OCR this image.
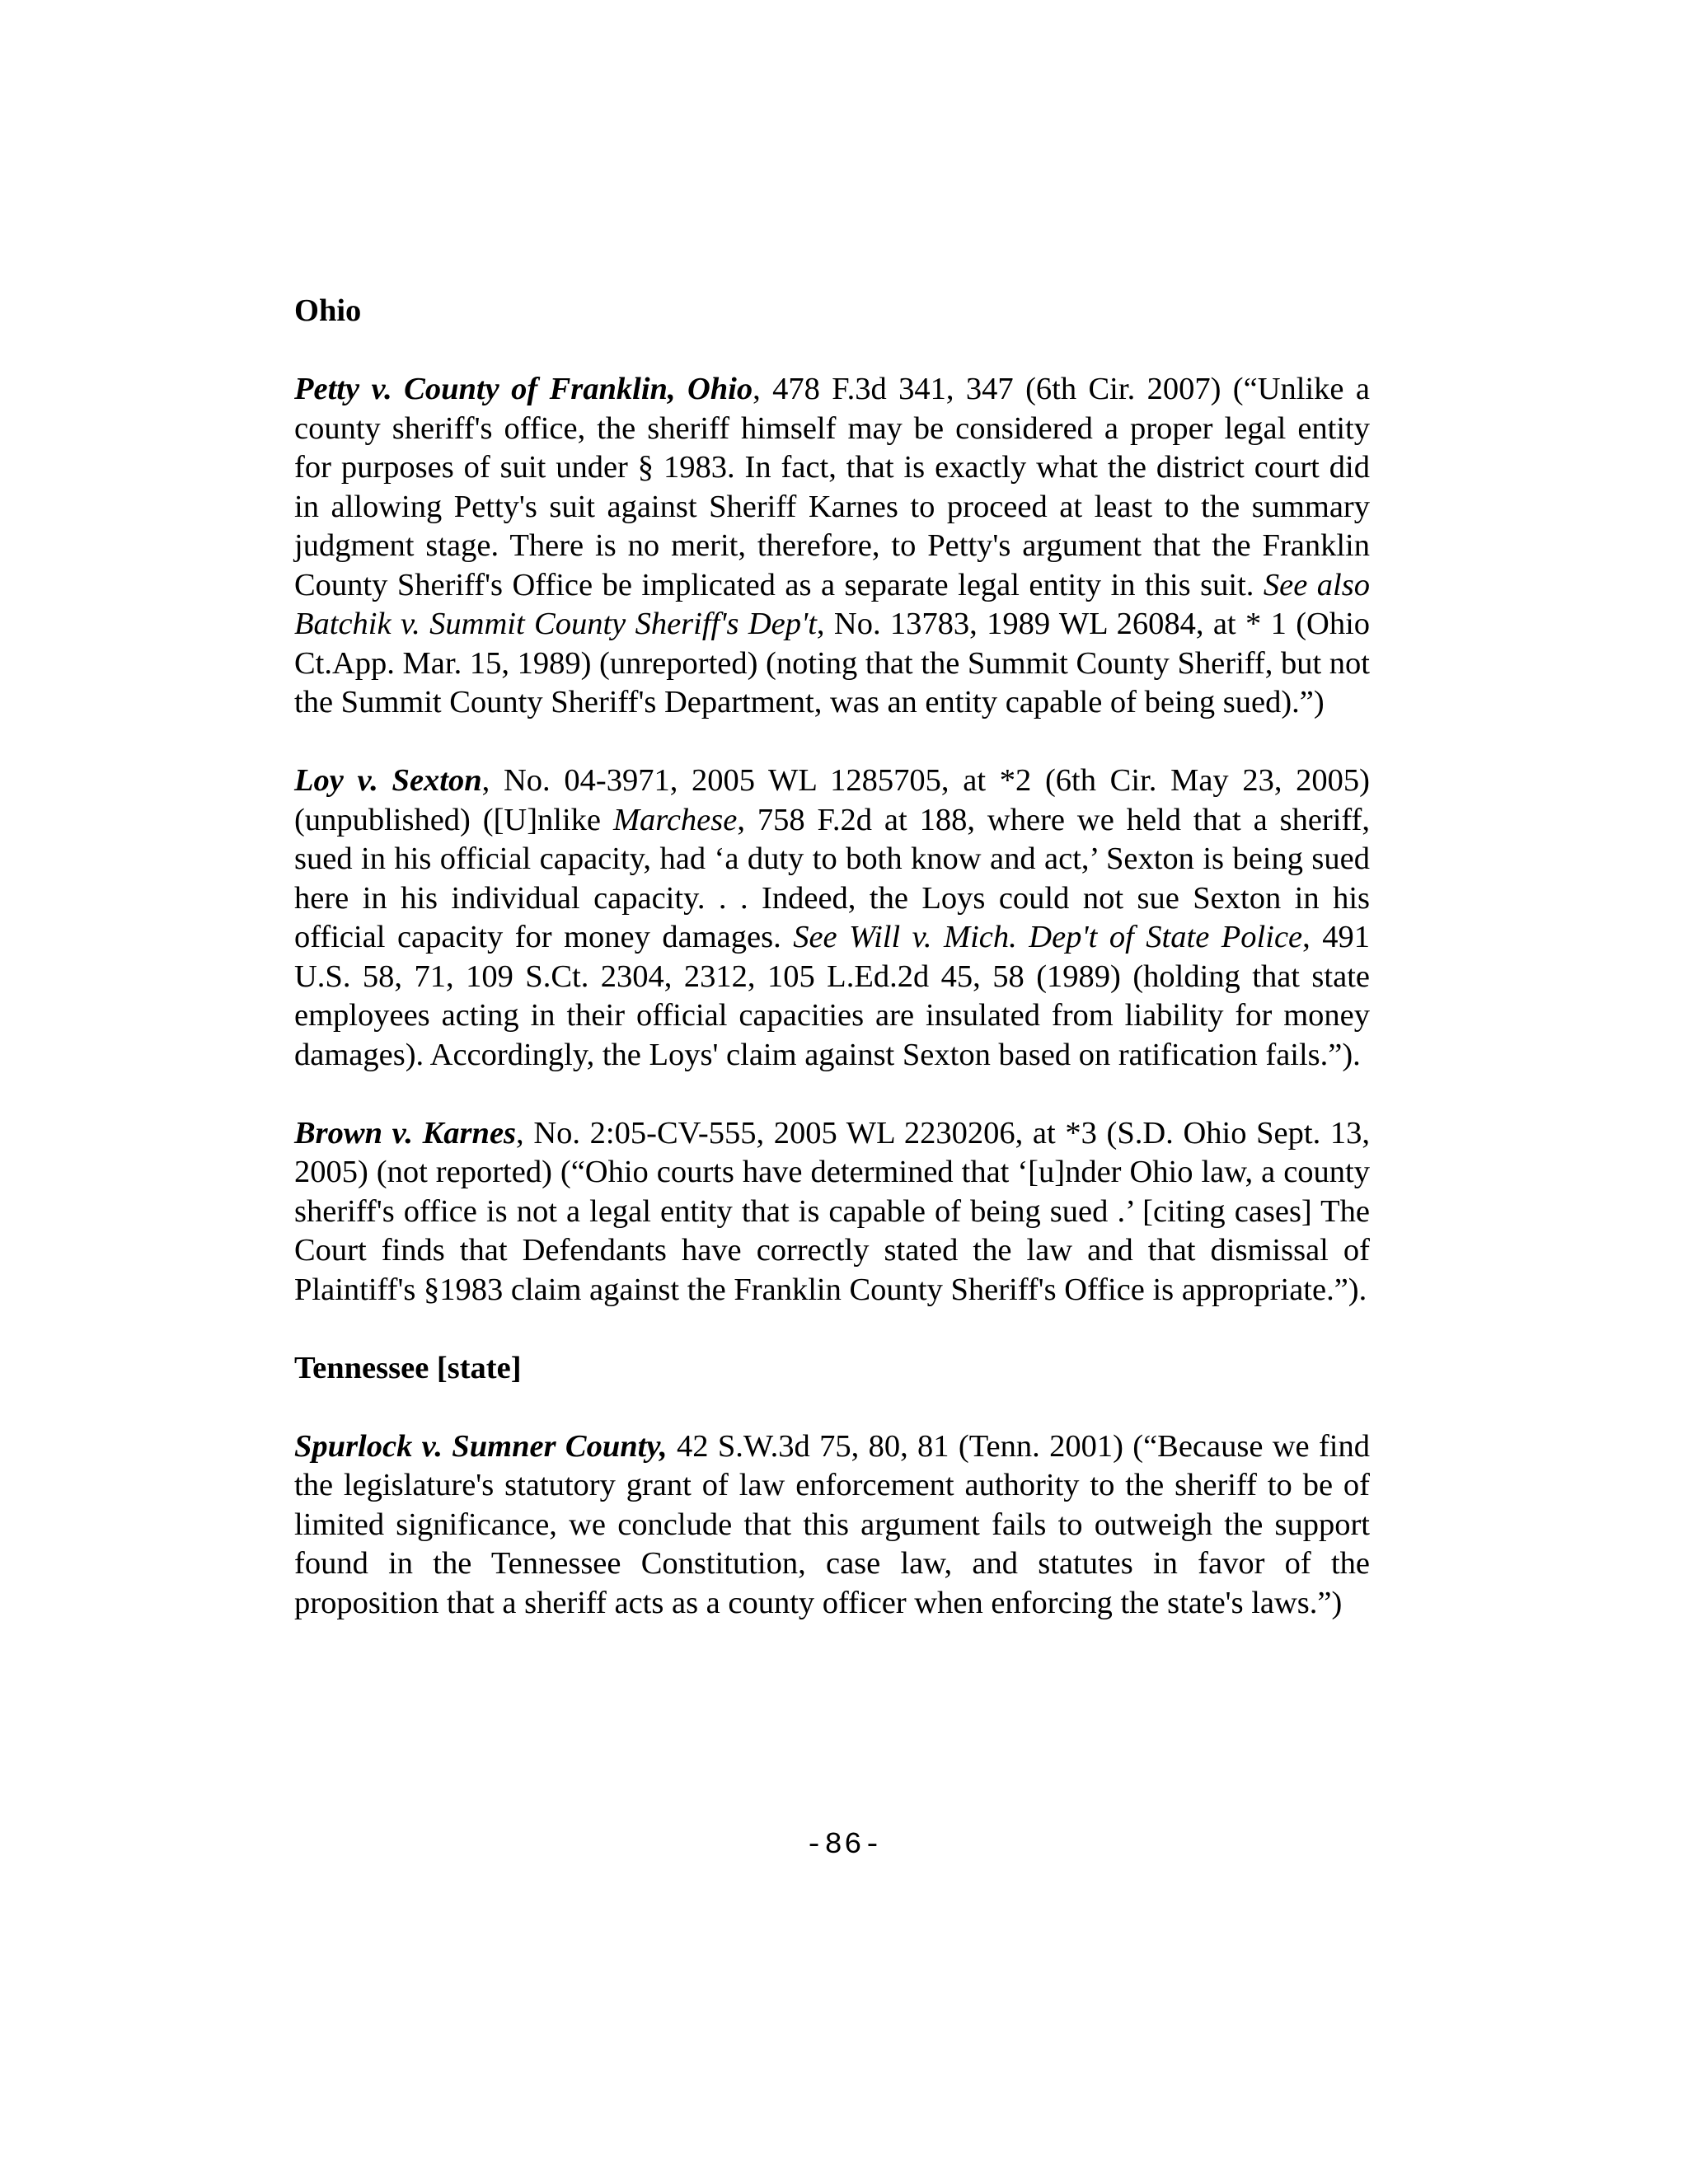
Ohio

Petty v. County of Franklin, Ohio, 478 F.3d 341, 347 (6th Cir. 2007) (“Unlike a county sheriff's office, the sheriff himself may be considered a proper legal entity for purposes of suit under § 1983. In fact, that is exactly what the district court did in allowing Petty's suit against Sheriff Karnes to proceed at least to the summary judgment stage. There is no merit, therefore, to Petty's argument that the Franklin County Sheriff's Office be implicated as a separate legal entity in this suit. See also Batchik v. Summit County Sheriff's Dep't, No. 13783, 1989 WL 26084, at * 1 (Ohio Ct.App. Mar. 15, 1989) (unreported) (noting that the Summit County Sheriff, but not the Summit County Sheriff's Department, was an entity capable of being sued).”)

Loy v. Sexton, No. 04-3971, 2005 WL 1285705, at *2 (6th Cir. May 23, 2005) (unpublished) ([U]nlike Marchese, 758 F.2d at 188, where we held that a sheriff, sued in his official capacity, had ‘a duty to both know and act,’ Sexton is being sued here in his individual capacity. . . Indeed, the Loys could not sue Sexton in his official capacity for money damages. See Will v. Mich. Dep't of State Police, 491 U.S. 58, 71, 109 S.Ct. 2304, 2312, 105 L.Ed.2d 45, 58 (1989) (holding that state employees acting in their official capacities are insulated from liability for money damages). Accordingly, the Loys' claim against Sexton based on ratification fails.”).

Brown v. Karnes, No. 2:05-CV-555, 2005 WL 2230206, at *3 (S.D. Ohio Sept. 13, 2005) (not reported) (“Ohio courts have determined that ‘[u]nder Ohio law, a county sheriff's office is not a legal entity that is capable of being sued .’ [citing cases] The Court finds that Defendants have correctly stated the law and that dismissal of Plaintiff's §1983 claim against the Franklin County Sheriff's Office is appropriate.”).

Tennessee [state]

Spurlock v. Sumner County, 42 S.W.3d 75, 80, 81 (Tenn. 2001) (“Because we find the legislature's statutory grant of law enforcement authority to the sheriff to be of limited significance, we conclude that this argument fails to outweigh the support found in the Tennessee Constitution, case law, and statutes in favor of the proposition that a sheriff acts as a county officer when enforcing the state's laws.”)

-86-
